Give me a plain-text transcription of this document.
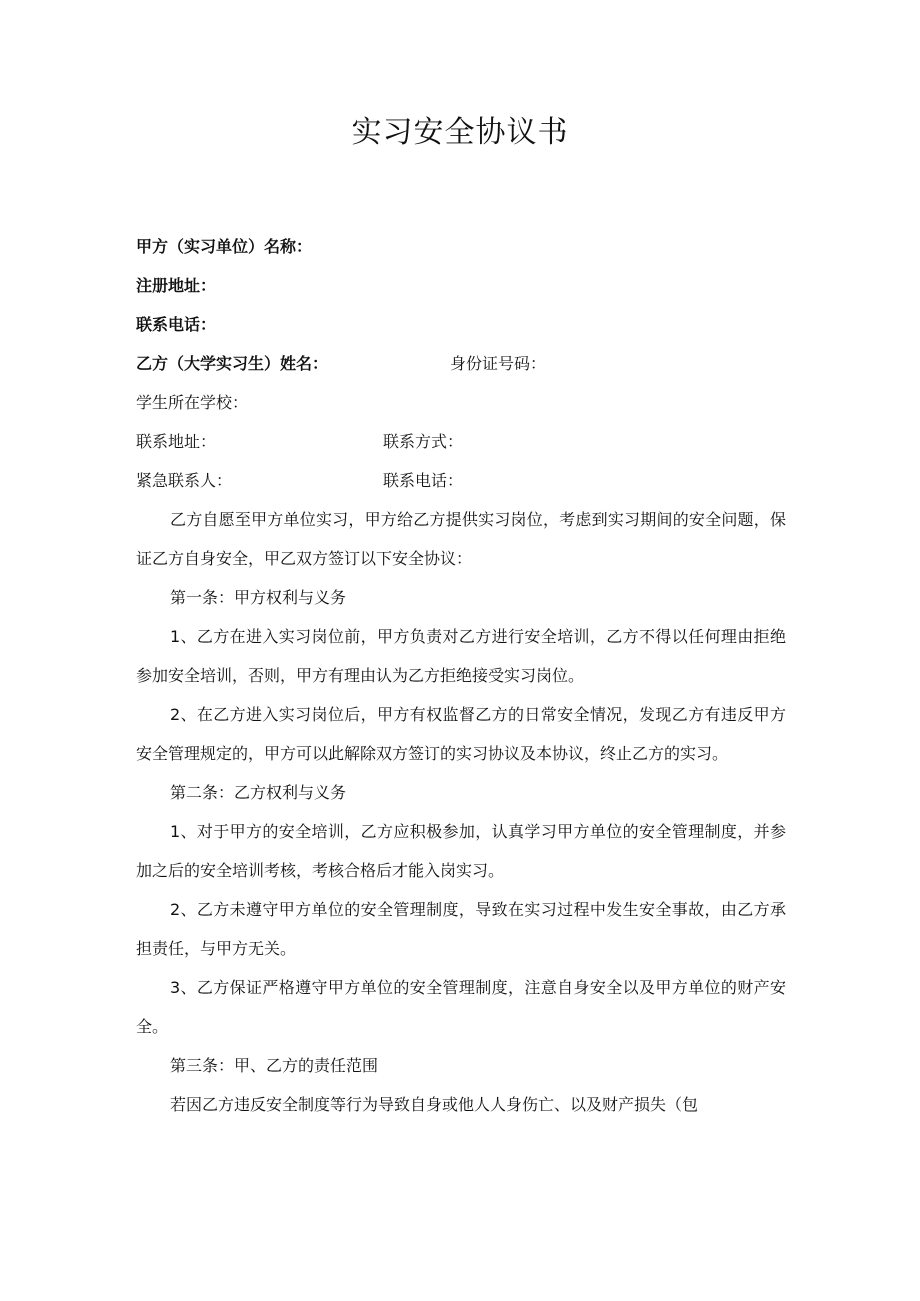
实习安全协议书
甲方（实习单位）名称：
注册地址：
联系电话：
乙方（大学实习生）姓名：	身份证号码：
学生所在学校：
联系地址：	联系方式：
紧急联系人：	联系电话：

乙方自愿至甲方单位实习，甲方给乙方提供实习岗位，考虑到实习期间的安全问题，保证乙方自身安全，甲乙双方签订以下安全协议：

第一条：甲方权利与义务

1、乙方在进入实习岗位前，甲方负责对乙方进行安全培训，乙方不得以任何理由拒绝参加安全培训，否则，甲方有理由认为乙方拒绝接受实习岗位。

2、在乙方进入实习岗位后，甲方有权监督乙方的日常安全情况，发现乙方有违反甲方安全管理规定的，甲方可以此解除双方签订的实习协议及本协议，终止乙方的实习。

第二条：乙方权利与义务

1、对于甲方的安全培训，乙方应积极参加，认真学习甲方单位的安全管理制度，并参加之后的安全培训考核，考核合格后才能入岗实习。

2、乙方未遵守甲方单位的安全管理制度，导致在实习过程中发生安全事故，由乙方承担责任，与甲方无关。

3、乙方保证严格遵守甲方单位的安全管理制度，注意自身安全以及甲方单位的财产安全。

第三条：甲、乙方的责任范围

若因乙方违反安全制度等行为导致自身或他人人身伤亡、以及财产损失（包
